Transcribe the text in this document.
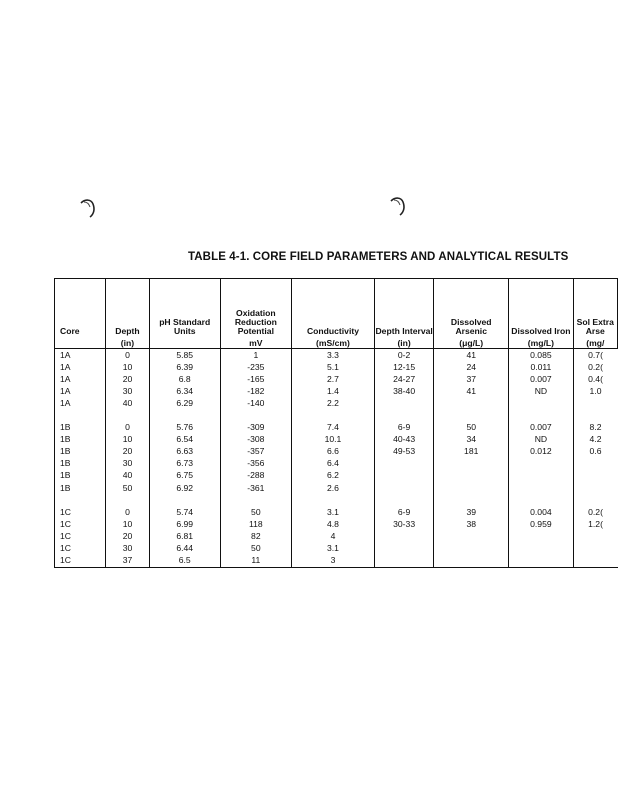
TABLE 4-1. CORE FIELD PARAMETERS AND ANALYTICAL RESULTS
Core	Depth	pH Standard Units	Oxidation Reduction Potential	Conductivity	Depth Interval	Dissolved Arsenic	Dissolved Iron	Sol Extra Arse
	(in)		mV	(mS/cm)	(in)	(μg/L)	(mg/L)	(mg/
1A	0	5.85	1	3.3	0-2	41	0.085	0.7(
1A	10	6.39	-235	5.1	12-15	24	0.011	0.2(
1A	20	6.8	-165	2.7	24-27	37	0.007	0.4(
1A	30	6.34	-182	1.4	38-40	41	ND	1.0
1A	40	6.29	-140	2.2				

1B	0	5.76	-309	7.4	6-9	50	0.007	8.2
1B	10	6.54	-308	10.1	40-43	34	ND	4.2
1B	20	6.63	-357	6.6	49-53	181	0.012	0.6
1B	30	6.73	-356	6.4				
1B	40	6.75	-288	6.2				
1B	50	6.92	-361	2.6				

1C	0	5.74	50	3.1	6-9	39	0.004	0.2(
1C	10	6.99	118	4.8	30-33	38	0.959	1.2(
1C	20	6.81	82	4				
1C	30	6.44	50	3.1				
1C	37	6.5	11	3				
